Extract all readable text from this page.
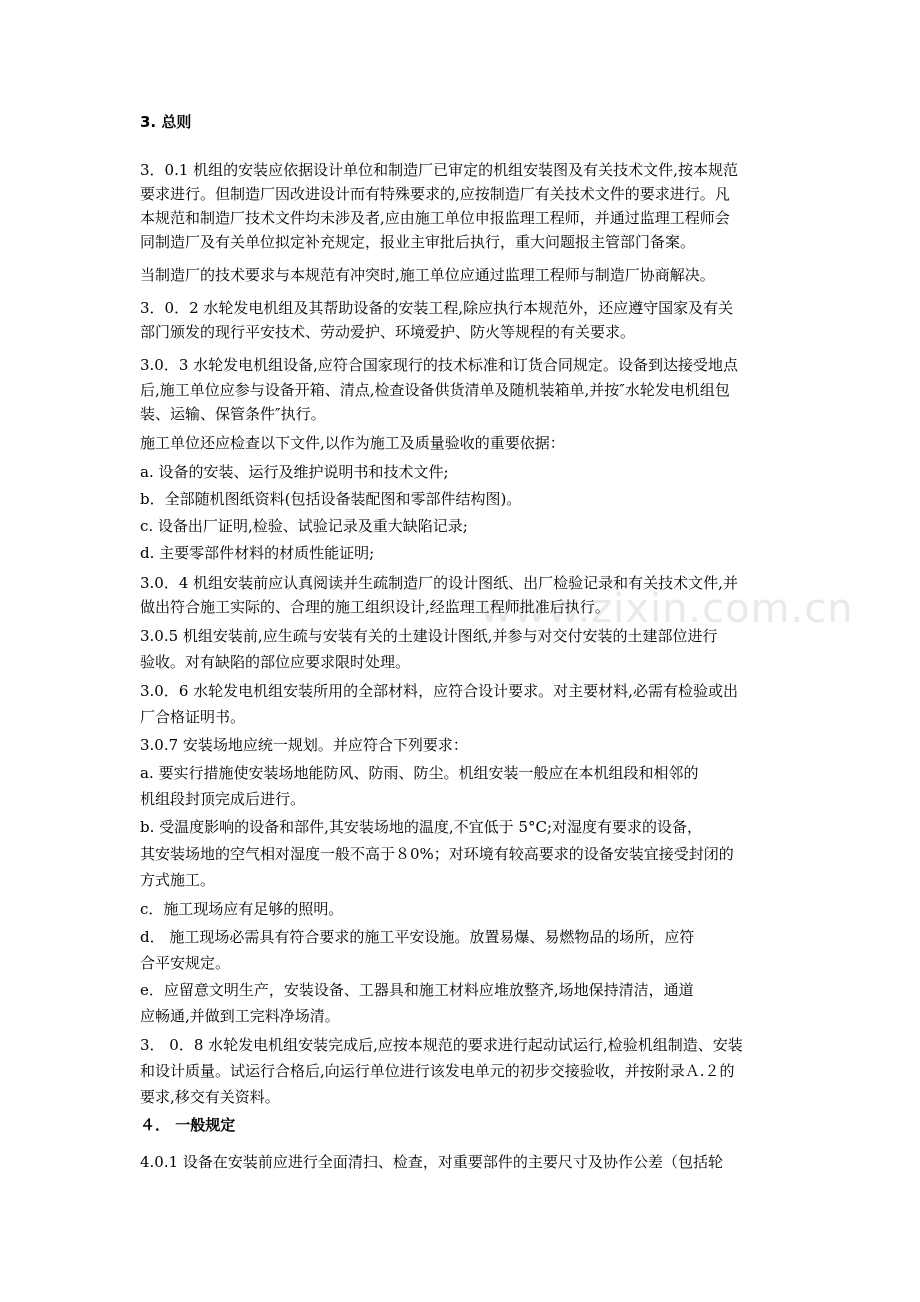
www.zixin.com.cn
3. 总则
3．0.1 机组的安装应依据设计单位和制造厂已审定的机组安装图及有关技术文件,按本规范
要求进行。但制造厂因改进设计而有特殊要求的,应按制造厂有关技术文件的要求进行。凡
本规范和制造厂技术文件均未涉及者,应由施工单位申报监理工程师，并通过监理工程师会
同制造厂及有关单位拟定补充规定，报业主审批后执行，重大问题报主管部门备案。
当制造厂的技术要求与本规范有冲突时,施工单位应通过监理工程师与制造厂协商解决。
3．0．2 水轮发电机组及其帮助设备的安装工程,除应执行本规范外，还应遵守国家及有关
部门颁发的现行平安技术、劳动爱护、环境爱护、防火等规程的有关要求。
3.0．3 水轮发电机组设备,应符合国家现行的技术标准和订货合同规定。设备到达接受地点
后,施工单位应参与设备开箱、清点,检查设备供货清单及随机装箱单,并按″水轮发电机组包
装、运输、保管条件″执行。
施工单位还应检查以下文件,以作为施工及质量验收的重要依据：
a. 设备的安装、运行及维护说明书和技术文件;
b．全部随机图纸资料(包括设备装配图和零部件结构图)。
c. 设备出厂证明,检验、试验记录及重大缺陷记录;
d. 主要零部件材料的材质性能证明;
3.0．4 机组安装前应认真阅读并生疏制造厂的设计图纸、出厂检验记录和有关技术文件,并
做出符合施工实际的、合理的施工组织设计,经监理工程师批准后执行。
3.0.5 机组安装前,应生疏与安装有关的土建设计图纸,并参与对交付安装的土建部位进行
验收。对有缺陷的部位应要求限时处理。
3.0．6 水轮发电机组安装所用的全部材料，应符合设计要求。对主要材料,必需有检验或出
厂合格证明书。
3.0.7 安装场地应统一规划。并应符合下列要求：
a. 要实行措施使安装场地能防风、防雨、防尘。机组安装一般应在本机组段和相邻的
机组段封顶完成后进行。
b. 受温度影响的设备和部件,其安装场地的温度,不宜低于 5°C;对湿度有要求的设备，
其安装场地的空气相对湿度一般不高于８0%；对环境有较高要求的设备安装宜接受封闭的
方式施工。
c．施工现场应有足够的照明。
d． 施工现场必需具有符合要求的施工平安设施。放置易爆、易燃物品的场所，应符
合平安规定。
e．应留意文明生产，安装设备、工器具和施工材料应堆放整齐,场地保持清洁，通道
应畅通,并做到工完料净场清。
3． 0．8 水轮发电机组安装完成后,应按本规范的要求进行起动试运行,检验机组制造、安装
和设计质量。试运行合格后,向运行单位进行该发电单元的初步交接验收，并按附录Ａ.２的
要求,移交有关资料。
４． 一般规定
4.0.1 设备在安装前应进行全面清扫、检查，对重要部件的主要尺寸及协作公差（包括轮
